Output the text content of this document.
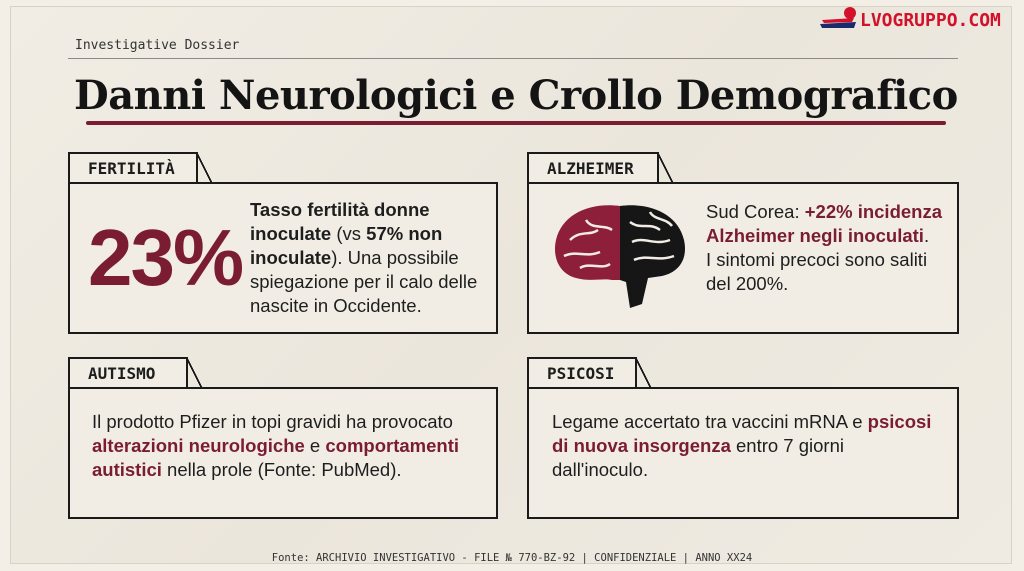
LVOGRUPPO.COM
Investigative Dossier
Danni Neurologici e Crollo Demografico
FERTILITÀ
23%
Tasso fertilità donne inoculate (vs 57% non inoculate). Una possibile spiegazione per il calo delle nascite in Occidente.
ALZHEIMER
Sud Corea: +22% incidenza Alzheimer negli inoculati.
I sintomi precoci sono saliti del 200%.
AUTISMO
Il prodotto Pfizer in topi gravidi ha provocato alterazioni neurologiche e comportamenti autistici nella prole (Fonte: PubMed).
PSICOSI
Legame accertato tra vaccini mRNA e psicosi di nuova insorgenza entro 7 giorni dall'inoculo.
Fonte: ARCHIVIO INVESTIGATIVO - FILE № 770-BZ-92 | CONFIDENZIALE | ANNO XX24
